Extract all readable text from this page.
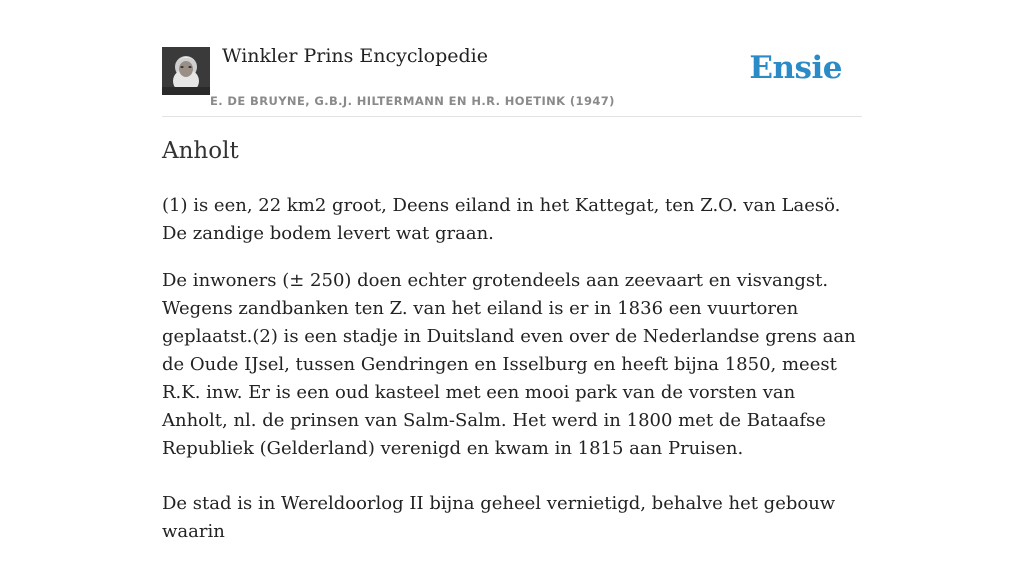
Winkler Prins Encyclopedie
E. DE BRUYNE, G.B.J. HILTERMANN EN H.R. HOETINK (1947)
Ensie
Anholt

(1) is een, 22 km2 groot, Deens eiland in het Kattegat, ten Z.O. van Laesö. De zandige bodem levert wat graan.

De inwoners (± 250) doen echter grotendeels aan zeevaart en visvangst. Wegens zandbanken ten Z. van het eiland is er in 1836 een vuurtoren geplaatst.(2) is een stadje in Duitsland even over de Nederlandse grens aan de Oude IJsel, tussen Gendringen en Isselburg en heeft bijna 1850, meest R.K. inw. Er is een oud kasteel met een mooi park van de vorsten van Anholt, nl. de prinsen van Salm-Salm. Het werd in 1800 met de Bataafse Republiek (Gelderland) verenigd en kwam in 1815 aan Pruisen.

De stad is in Wereldoorlog II bijna geheel vernietigd, behalve het gebouw waarin
